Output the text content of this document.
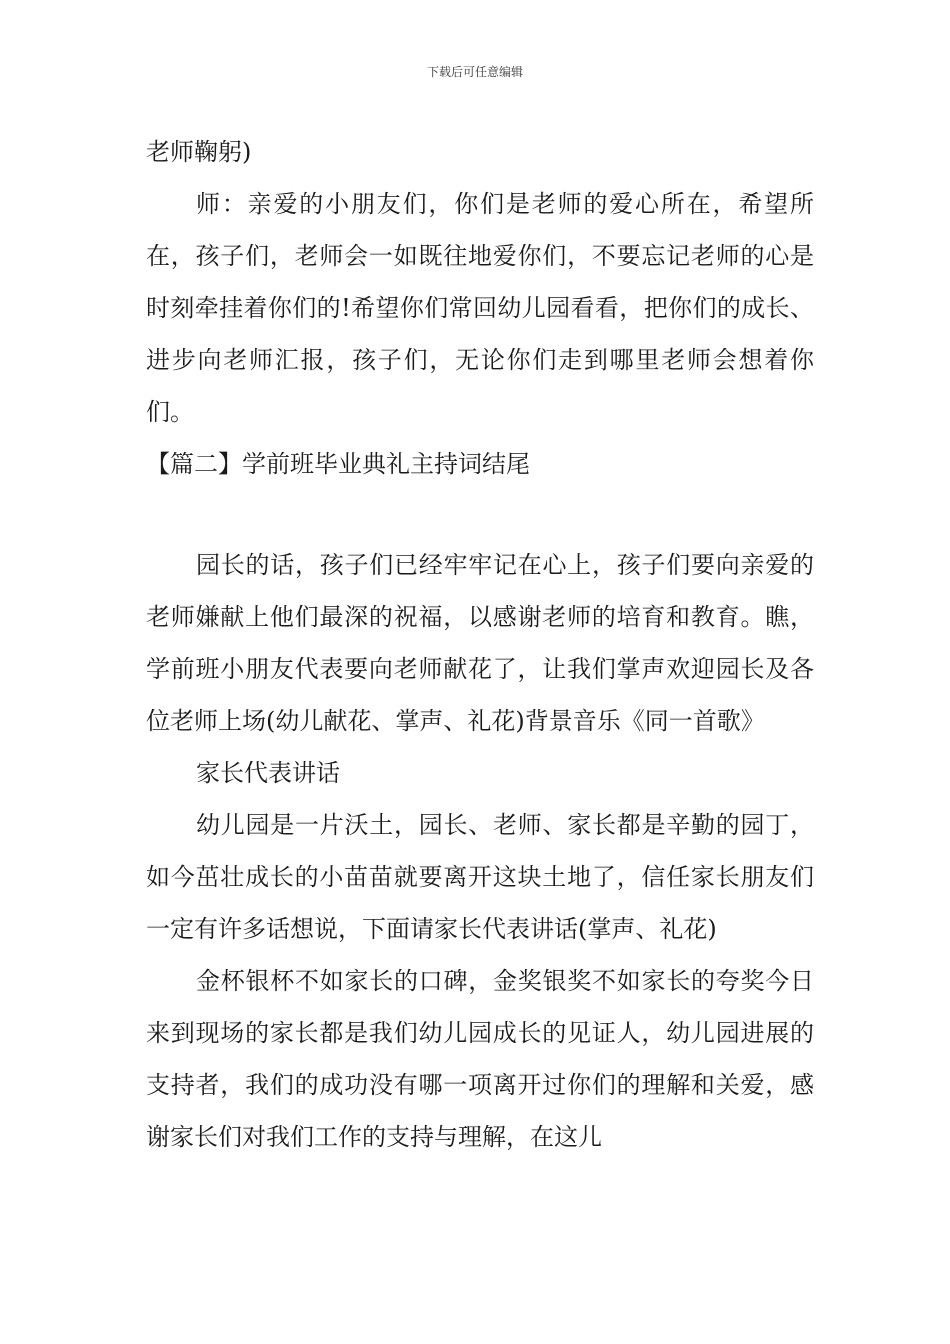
下载后可任意编辑

老师鞠躬)

师：亲爱的小朋友们，你们是老师的爱心所在，希望所在，孩子们，老师会一如既往地爱你们，不要忘记老师的心是时刻牵挂着你们的!希望你们常回幼儿园看看，把你们的成长、进步向老师汇报，孩子们，无论你们走到哪里老师会想着你们。

【篇二】学前班毕业典礼主持词结尾

园长的话，孩子们已经牢牢记在心上，孩子们要向亲爱的老师嫌献上他们最深的祝福，以感谢老师的培育和教育。瞧，学前班小朋友代表要向老师献花了，让我们掌声欢迎园长及各位老师上场(幼儿献花、掌声、礼花)背景音乐《同一首歌》

家长代表讲话

幼儿园是一片沃土，园长、老师、家长都是辛勤的园丁，如今茁壮成长的小苗苗就要离开这块土地了，信任家长朋友们一定有许多话想说，下面请家长代表讲话(掌声、礼花)

金杯银杯不如家长的口碑，金奖银奖不如家长的夸奖今日来到现场的家长都是我们幼儿园成长的见证人，幼儿园进展的支持者，我们的成功没有哪一项离开过你们的理解和关爱，感谢家长们对我们工作的支持与理解，在这儿
